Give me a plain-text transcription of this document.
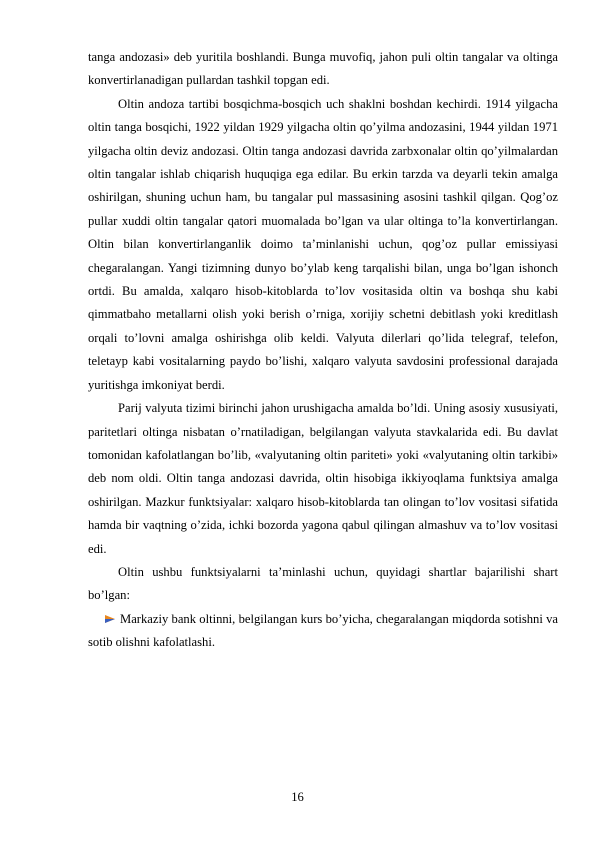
tanga andozasi» deb yuritila boshlandi. Bunga muvofiq, jahon puli oltin tangalar va oltinga konvertirlanadigan pullardan tashkil topgan edi.

Oltin andoza tartibi bosqichma-bosqich uch shaklni boshdan kechirdi. 1914 yilgacha oltin tanga bosqichi, 1922 yildan 1929 yilgacha oltin qo’yilma andozasini, 1944 yildan 1971 yilgacha oltin deviz andozasi. Oltin tanga andozasi davrida zarbxonalar oltin qo’yilmalardan oltin tangalar ishlab chiqarish huquqiga ega edilar. Bu erkin tarzda va deyarli tekin amalga oshirilgan, shuning uchun ham, bu tangalar pul massasining asosini tashkil qilgan. Qog’oz pullar xuddi oltin tangalar qatori muomalada bo’lgan va ular oltinga to’la konvertirlangan. Oltin bilan konvertirlanganlik doimo ta’minlanishi uchun, qog’oz pullar emissiyasi chegaralangan. Yangi tizimning dunyo bo’ylab keng tarqalishi bilan, unga bo’lgan ishonch ortdi. Bu amalda, xalqaro hisob-kitoblarda to’lov vositasida oltin va boshqa shu kabi qimmatbaho metallarni olish yoki berish o’rniga, xorijiy schetni debitlash yoki kreditlash orqali to’lovni amalga oshirishga olib keldi. Valyuta dilerlari qo’lida telegraf, telefon, teletayp kabi vositalarning paydo bo’lishi, xalqaro valyuta savdosini professional darajada yuritishga imkoniyat berdi.

Parij valyuta tizimi birinchi jahon urushigacha amalda bo’ldi. Uning asosiy xususiyati, paritetlari oltinga nisbatan o’rnatiladigan, belgilangan valyuta stavkalarida edi. Bu davlat tomonidan kafolatlangan bo’lib, «valyutaning oltin pariteti» yoki «valyutaning oltin tarkibi» deb nom oldi. Oltin tanga andozasi davrida, oltin hisobiga ikkiyoqlama funktsiya amalga oshirilgan. Mazkur funktsiyalar: xalqaro hisob-kitoblarda tan olingan to’lov vositasi sifatida hamda bir vaqtning o’zida, ichki bozorda yagona qabul qilingan almashuv va to’lov vositasi edi.

Oltin ushbu funktsiyalarni ta’minlashi uchun, quyidagi shartlar bajarilishi shart bo’lgan:

Markaziy bank oltinni, belgilangan kurs bo’yicha, chegaralangan miqdorda sotishni va sotib olishni kafolatlashi.

16
